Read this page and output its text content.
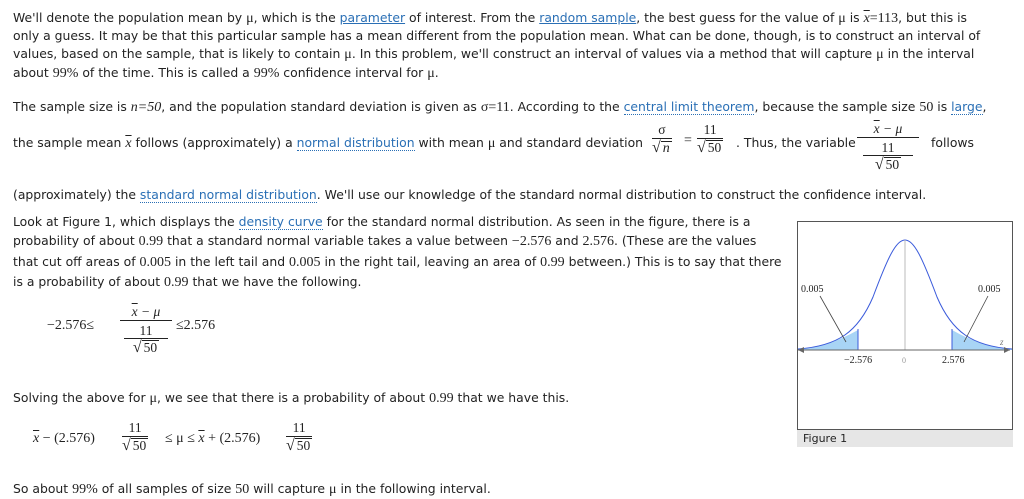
We'll denote the population mean by μ, which is the parameter of interest. From the random sample, the best guess for the value of μ is $\overline{x}=113$, but this is
only a guess. It may be that this particular sample has a mean different from the population mean. What can be done, though, is to construct an interval of
values, based on the sample, that is likely to contain μ. In this problem, we'll construct an interval of values via a method that will capture μ in the interval
about 99% of the time. This is called a 99% confidence interval for μ.
The sample size is n=50, and the population standard deviation is given as σ=11. According to the central limit theorem, because the sample size 50 is large,
the sample mean $\overline{x}$ follows (approximately) a normal distribution with mean μ and standard deviation $\frac{\sigma}{√ n} = \frac{11}{√ 50}$ . Thus, the variable
$\overline{x} - \mu$
11
√ 50
follows
(approximately) the standard normal distribution. We'll use our knowledge of the standard normal distribution to construct the confidence interval.
Look at Figure 1, which displays the density curve for the standard normal distribution. As seen in the figure, there is a
probability of about 0.99 that a standard normal variable takes a value between −2.576 and 2.576. (These are the values
that cut off areas of 0.005 in the left tail and 0.005 in the right tail, leaving an area of 0.99 between.) This is to say that there
is a probability of about 0.99 that we have the following.
−2.576≤
$\overline{x} - \mu$
11
√ 50
≤2.576
Solving the above for μ, we see that there is a probability of about 0.99 that we have this.
$\overline{x} - (2.576) \frac{11}{√ 50} \le \mu \le \overline{x} + (2.576) \frac{11}{√ 50}$
So about 99% of all samples of size 50 will capture μ in the following interval.
0.005	0.005
−2.576	0	2.576
z
Figure 1
